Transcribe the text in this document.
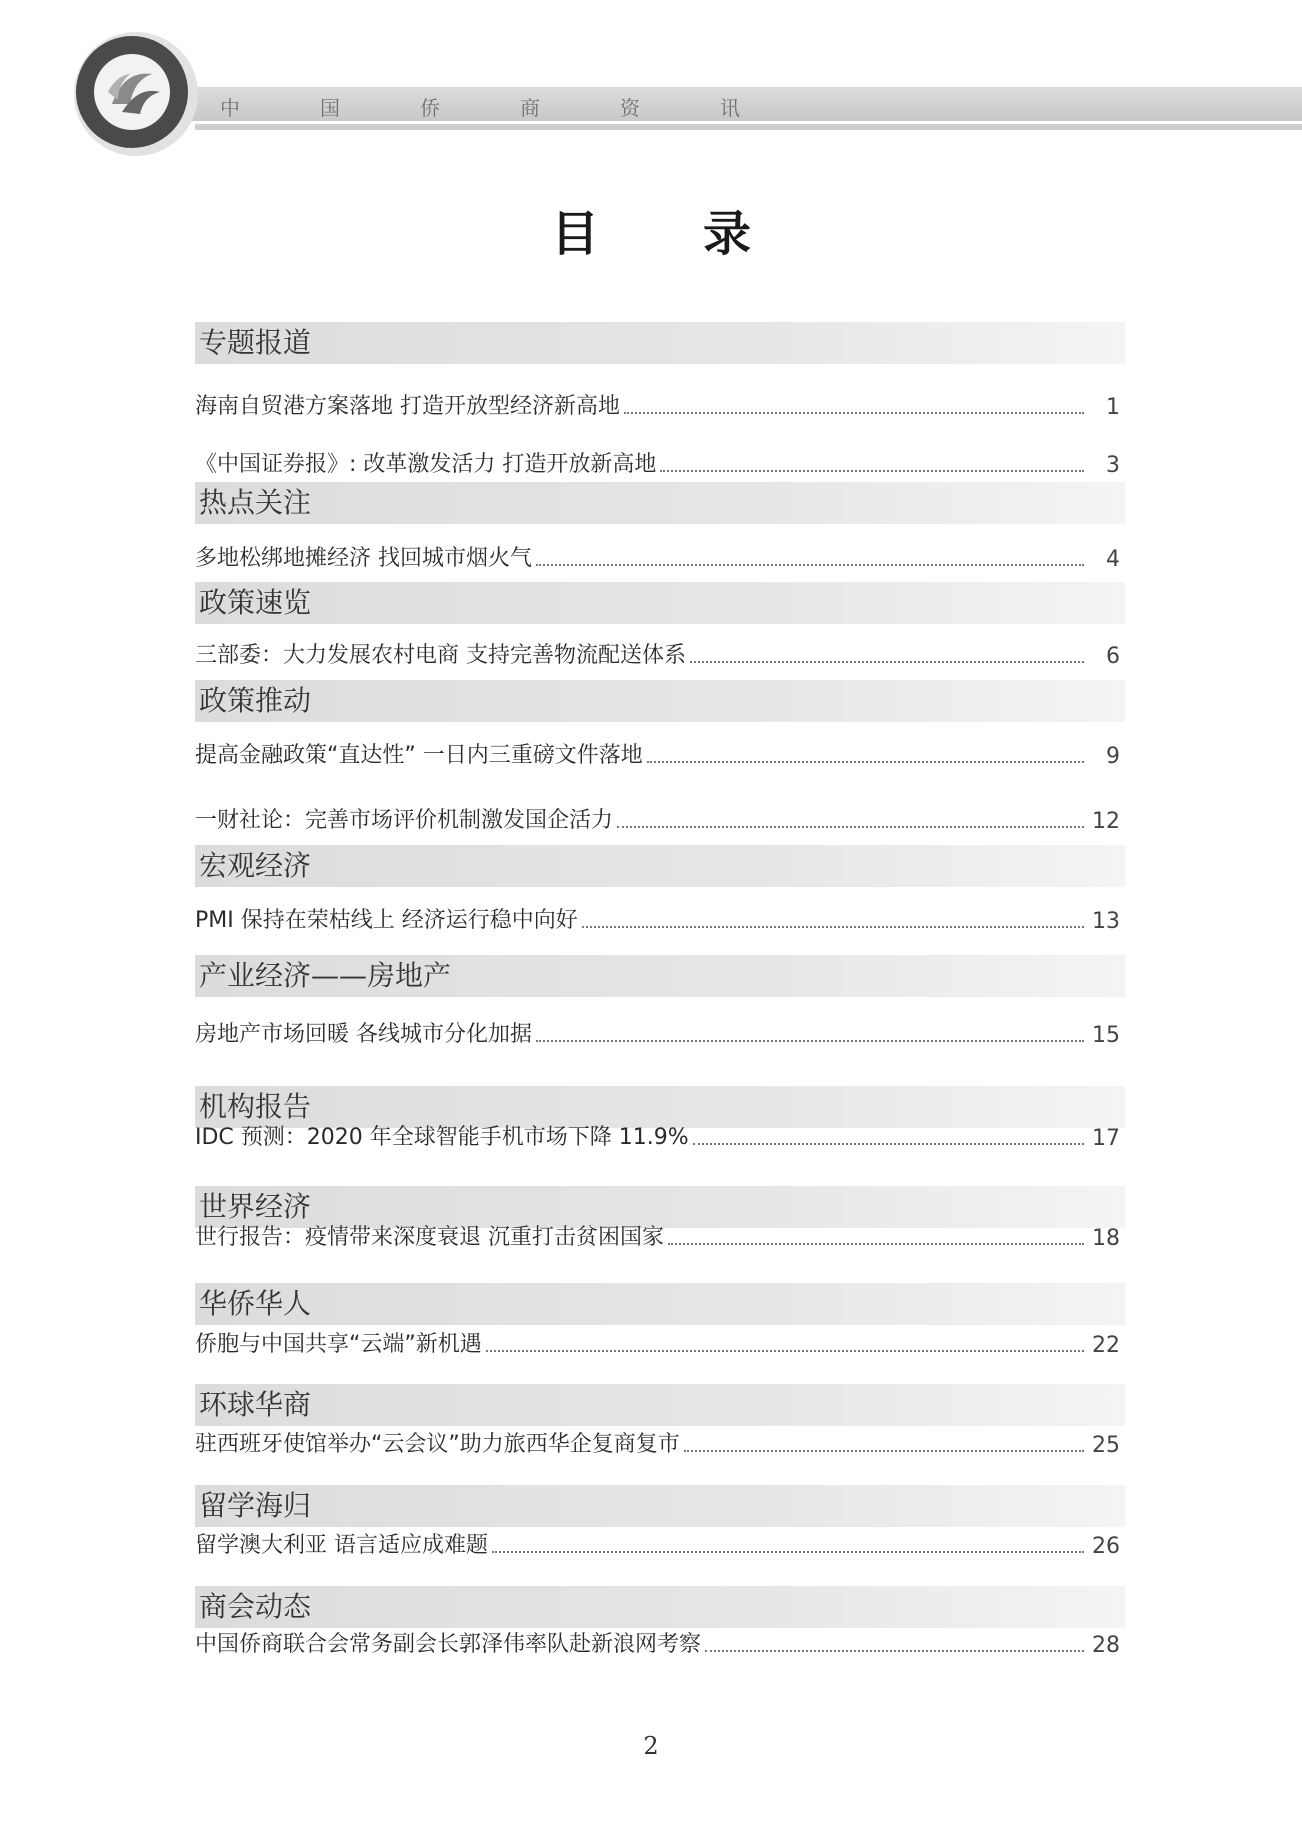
中　国　侨　商　资　讯
目　录
专题报道
海南自贸港方案落地 打造开放型经济新高地	1
《中国证券报》: 改革激发活力 打造开放新高地	3
热点关注
多地松绑地摊经济 找回城市烟火气	4
政策速览
三部委：大力发展农村电商 支持完善物流配送体系	6
政策推动
提高金融政策“直达性” 一日内三重磅文件落地	9
一财社论：完善市场评价机制激发国企活力	12
宏观经济
PMI 保持在荣枯线上 经济运行稳中向好	13
产业经济——房地产
房地产市场回暖 各线城市分化加据	15
机构报告
IDC 预测：2020 年全球智能手机市场下降 11.9%	17
世界经济
世行报告：疫情带来深度衰退 沉重打击贫困国家	18
华侨华人
侨胞与中国共享“云端”新机遇	22
环球华商
驻西班牙使馆举办“云会议”助力旅西华企复商复市	25
留学海归
留学澳大利亚 语言适应成难题	26
商会动态
中国侨商联合会常务副会长郭泽伟率队赴新浪网考察	28
2
